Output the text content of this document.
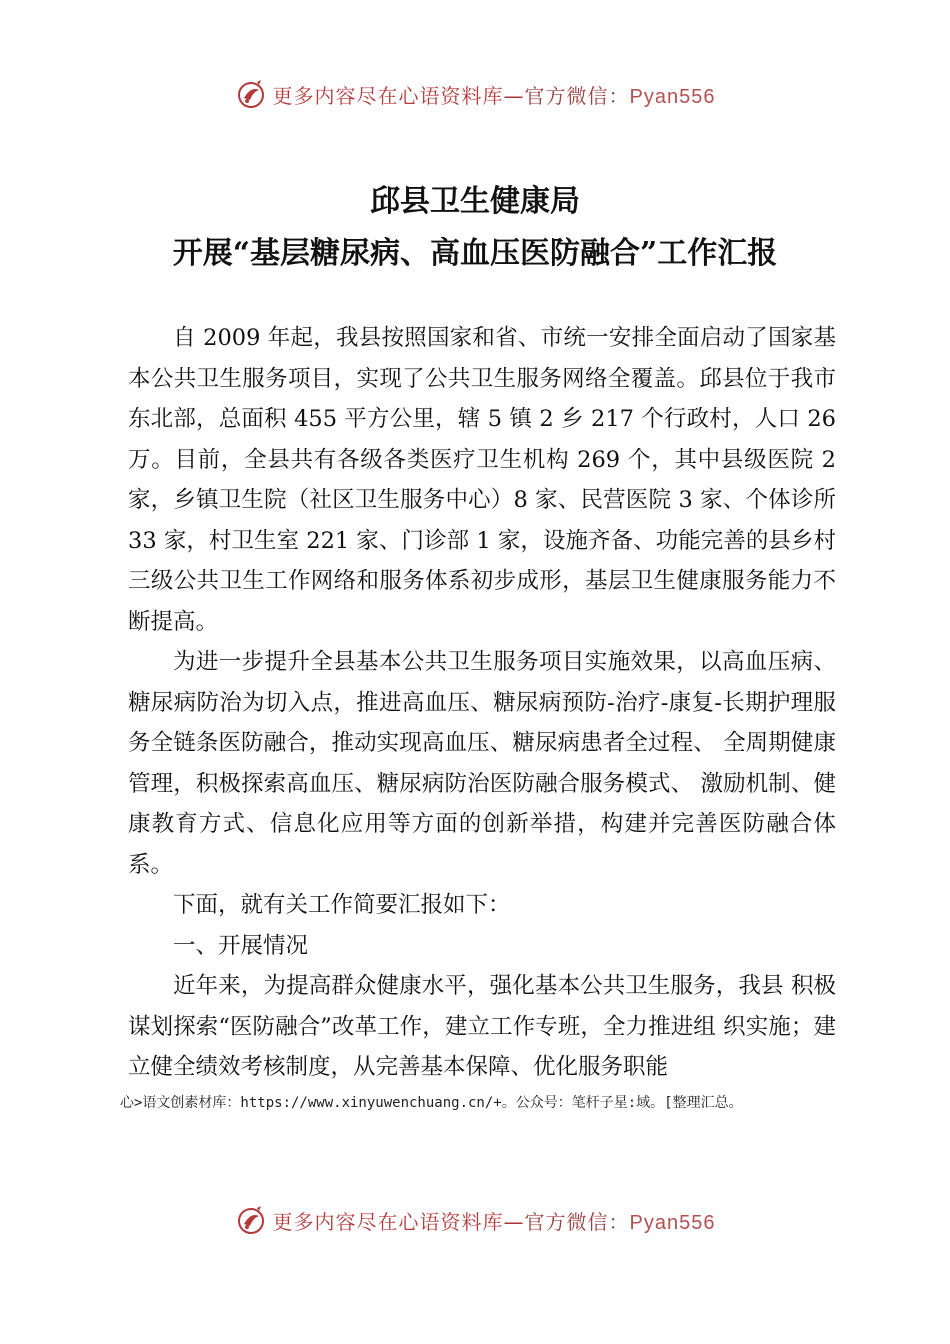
更多内容尽在心语资料库—官方微信：Pyan556
邱县卫生健康局
开展“基层糖尿病、高血压医防融合”工作汇报

自 2009 年起，我县按照国家和省、市统一安排全面启动了国家基本公共卫生服务项目，实现了公共卫生服务网络全覆盖。邱县位于我市东北部，总面积 455 平方公里，辖 5 镇 2 乡 217 个行政村，人口 26 万。目前，全县共有各级各类医疗卫生机构 269 个，其中县级医院 2 家，乡镇卫生院（社区卫生服务中心）8 家、民营医院 3 家、个体诊所 33 家，村卫生室 221 家、门诊部 1 家，设施齐备、功能完善的县乡村三级公共卫生工作网络和服务体系初步成形，基层卫生健康服务能力不断提高。

为进一步提升全县基本公共卫生服务项目实施效果，以高血压病、糖尿病防治为切入点，推进高血压、糖尿病预防-治疗-康复-长期护理服务全链条医防融合，推动实现高血压、糖尿病患者全过程、 全周期健康管理，积极探索高血压、糖尿病防治医防融合服务模式、 激励机制、健康教育方式、信息化应用等方面的创新举措，构建并完善医防融合体系。

下面，就有关工作简要汇报如下：

一、开展情况

近年来，为提高群众健康水平，强化基本公共卫生服务，我县 积极谋划探索“医防融合”改革工作，建立工作专班，全力推进组 织实施；建立健全绩效考核制度，从完善基本保障、优化服务职能

心>语文创素材库：https://www.xinyuwenchuang.cn/+。公众号：笔杆子星:域。[整理汇总。
更多内容尽在心语资料库—官方微信：Pyan556
